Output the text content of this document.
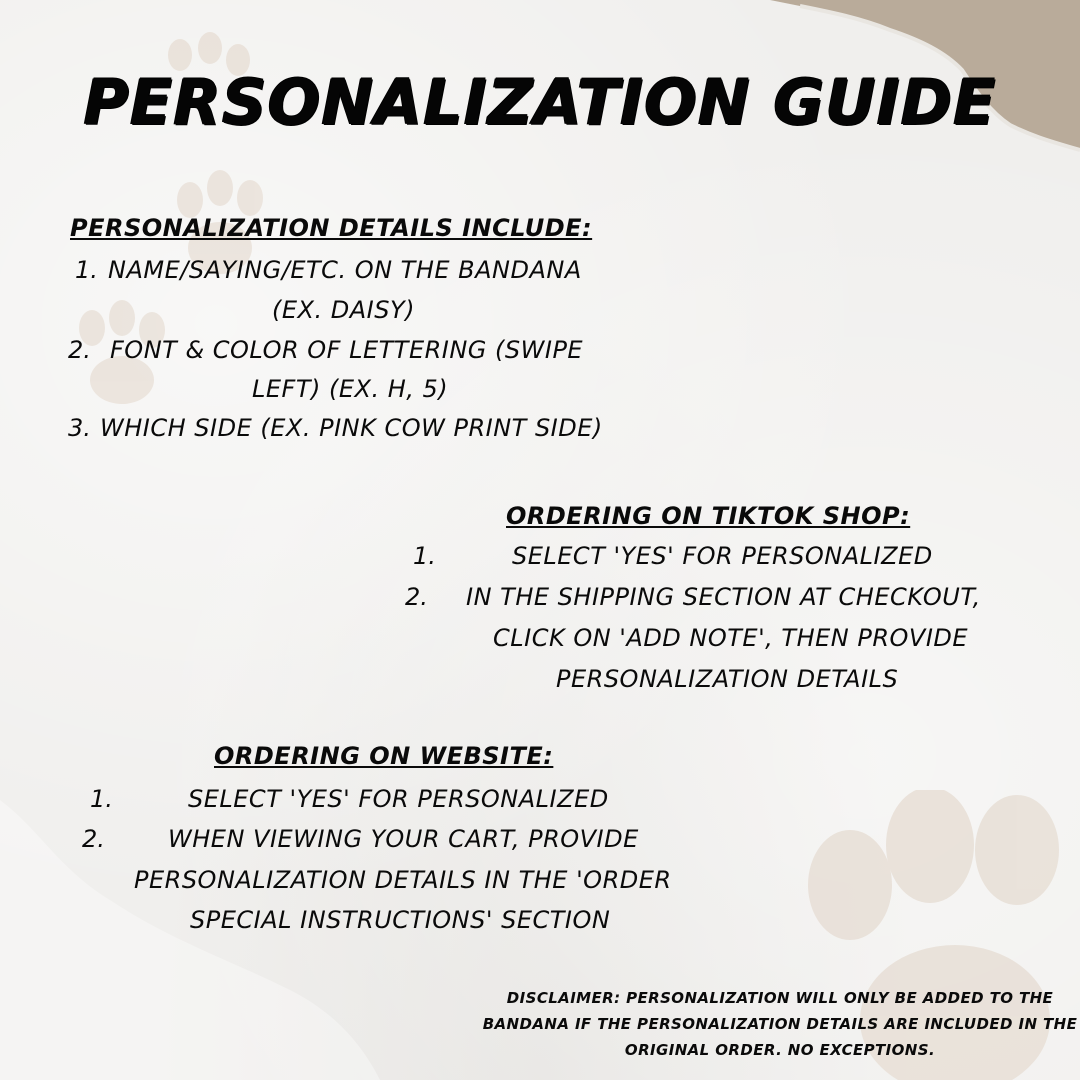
PERSONALIZATION GUIDE
PERSONALIZATION DETAILS INCLUDE:
1. NAME/SAYING/ETC. ON THE BANDANA
(EX. DAISY)
2. FONT & COLOR OF LETTERING (SWIPE
LEFT) (EX. H, 5)
3. WHICH SIDE (EX. PINK COW PRINT SIDE)
ORDERING ON TIKTOK SHOP:
1.	SELECT 'YES' FOR PERSONALIZED
2. IN THE SHIPPING SECTION AT CHECKOUT,
CLICK ON 'ADD NOTE', THEN PROVIDE
PERSONALIZATION DETAILS
ORDERING ON WEBSITE:
1.	SELECT 'YES' FOR PERSONALIZED
2.	WHEN VIEWING YOUR CART, PROVIDE
PERSONALIZATION DETAILS IN THE 'ORDER
SPECIAL INSTRUCTIONS' SECTION
DISCLAIMER: PERSONALIZATION WILL ONLY BE ADDED TO THE
BANDANA IF THE PERSONALIZATION DETAILS ARE INCLUDED IN THE
ORIGINAL ORDER. NO EXCEPTIONS.
